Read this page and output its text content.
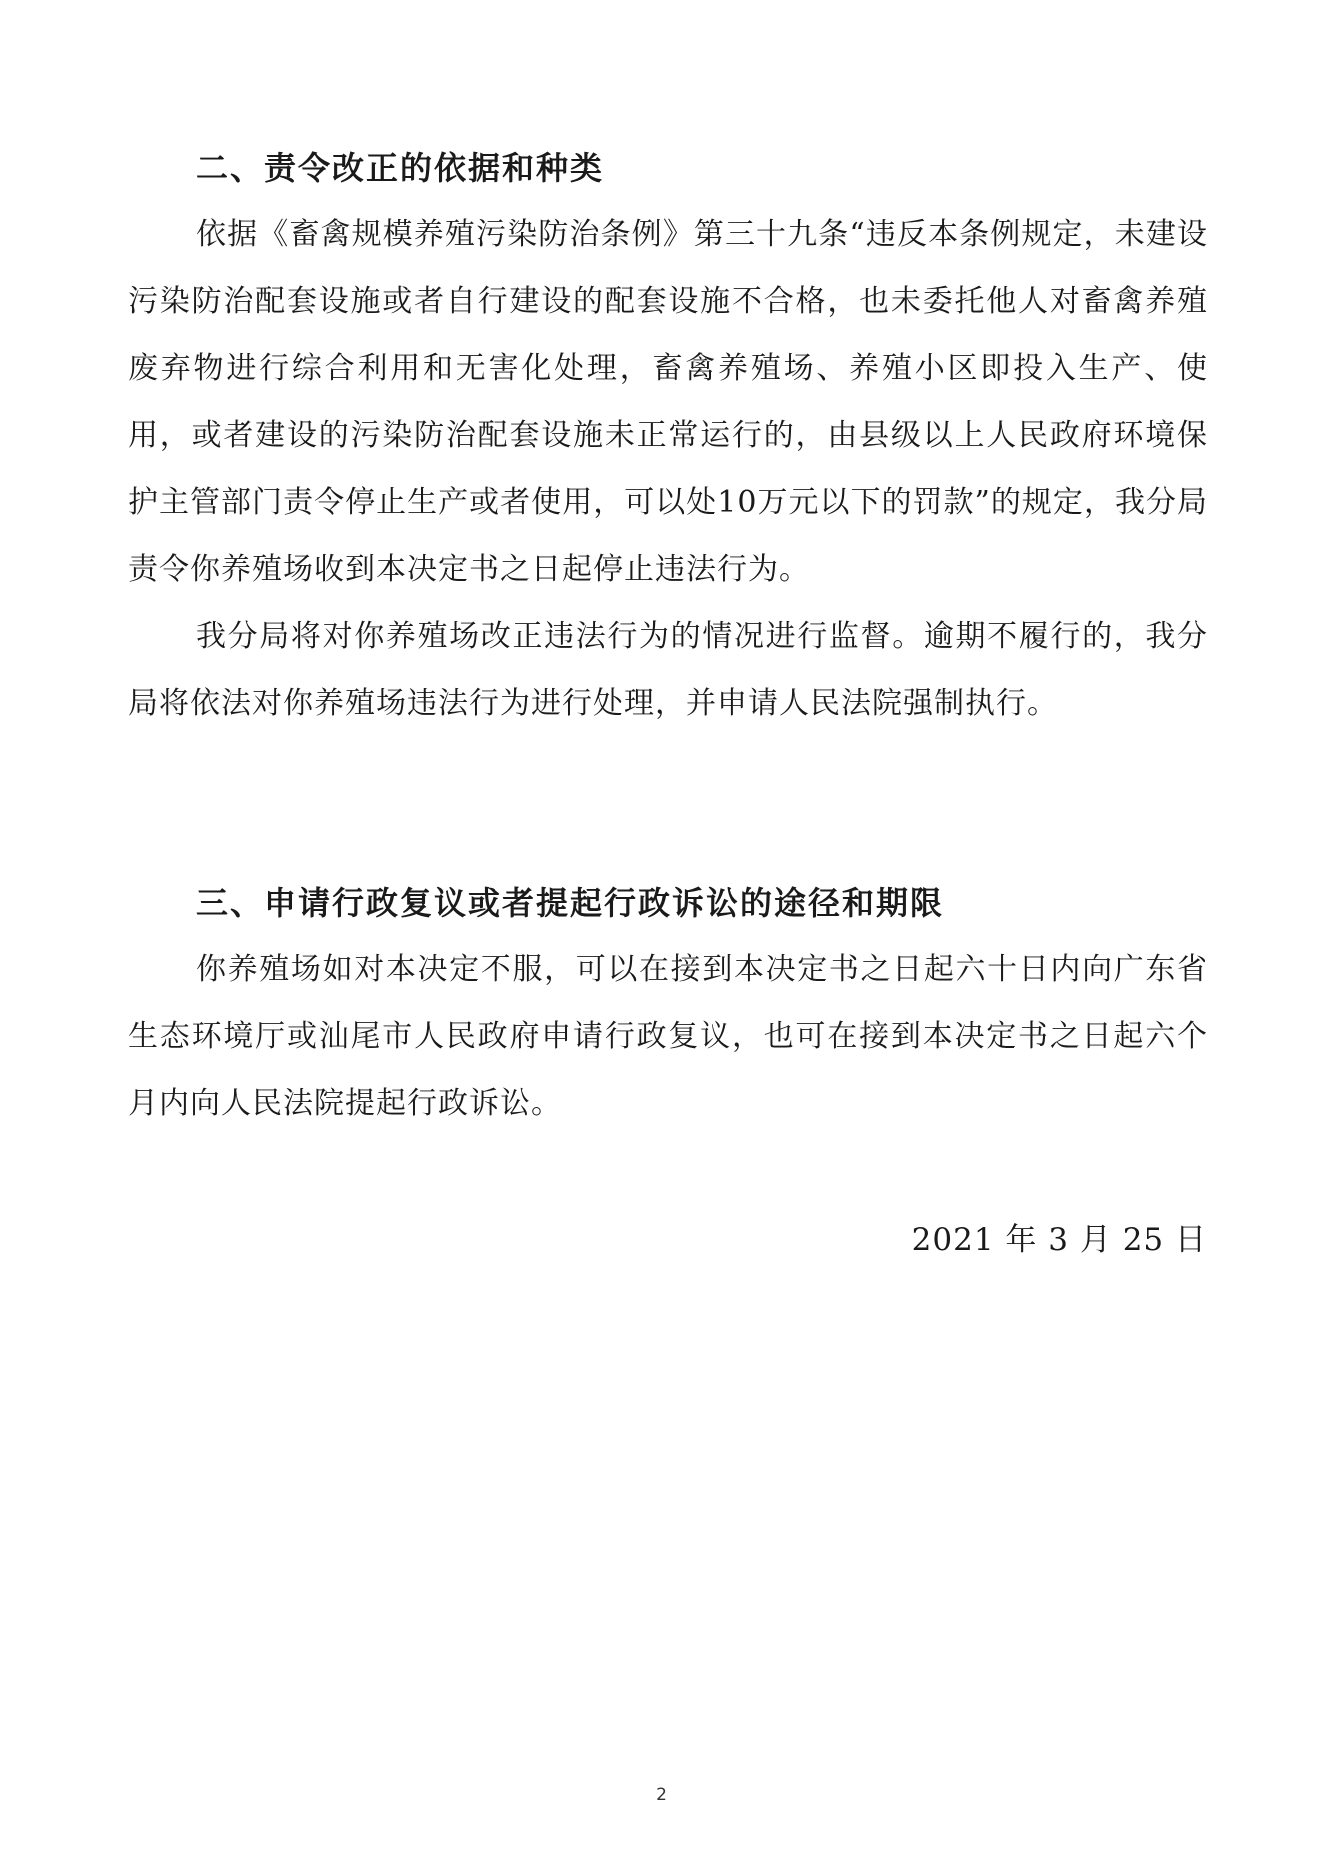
二、责令改正的依据和种类

依据《畜禽规模养殖污染防治条例》第三十九条“违反本条例规定，未建设污染防治配套设施或者自行建设的配套设施不合格，也未委托他人对畜禽养殖废弃物进行综合利用和无害化处理，畜禽养殖场、养殖小区即投入生产、使用，或者建设的污染防治配套设施未正常运行的，由县级以上人民政府环境保护主管部门责令停止生产或者使用，可以处10万元以下的罚款”的规定，我分局责令你养殖场收到本决定书之日起停止违法行为。

我分局将对你养殖场改正违法行为的情况进行监督。逾期不履行的，我分局将依法对你养殖场违法行为进行处理，并申请人民法院强制执行。

三、申请行政复议或者提起行政诉讼的途径和期限

你养殖场如对本决定不服，可以在接到本决定书之日起六十日内向广东省生态环境厅或汕尾市人民政府申请行政复议，也可在接到本决定书之日起六个月内向人民法院提起行政诉讼。

2021 年 3 月 25 日
2
